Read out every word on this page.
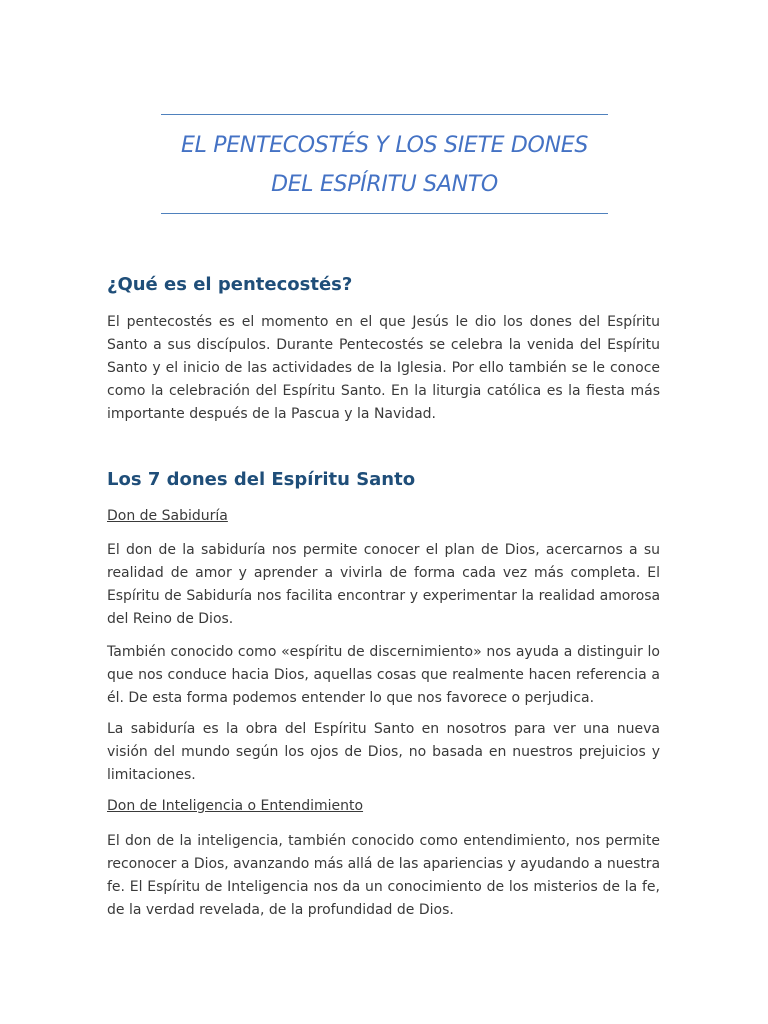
EL PENTECOSTÉS Y LOS SIETE DONES
DEL ESPÍRITU SANTO
¿Qué es el pentecostés?
El pentecostés es el momento en el que Jesús le dio los dones del Espíritu
Santo a sus discípulos. Durante Pentecostés se celebra la venida del Espíritu
Santo y el inicio de las actividades de la Iglesia. Por ello también se le conoce
como la celebración del Espíritu Santo. En la liturgia católica es la fiesta más
importante después de la Pascua y la Navidad.
Los 7 dones del Espíritu Santo
Don de Sabiduría
El don de la sabiduría nos permite conocer el plan de Dios, acercarnos a su
realidad de amor y aprender a vivirla de forma cada vez más completa. El
Espíritu de Sabiduría nos facilita encontrar y experimentar la realidad amorosa
del Reino de Dios.
También conocido como «espíritu de discernimiento» nos ayuda a distinguir lo
que nos conduce hacia Dios, aquellas cosas que realmente hacen referencia a
él. De esta forma podemos entender lo que nos favorece o perjudica.
La sabiduría es la obra del Espíritu Santo en nosotros para ver una nueva
visión del mundo según los ojos de Dios, no basada en nuestros prejuicios y
limitaciones.
Don de Inteligencia o Entendimiento
El don de la inteligencia, también conocido como entendimiento, nos permite
reconocer a Dios, avanzando más allá de las apariencias y ayudando a nuestra
fe. El Espíritu de Inteligencia nos da un conocimiento de los misterios de la fe,
de la verdad revelada, de la profundidad de Dios.
